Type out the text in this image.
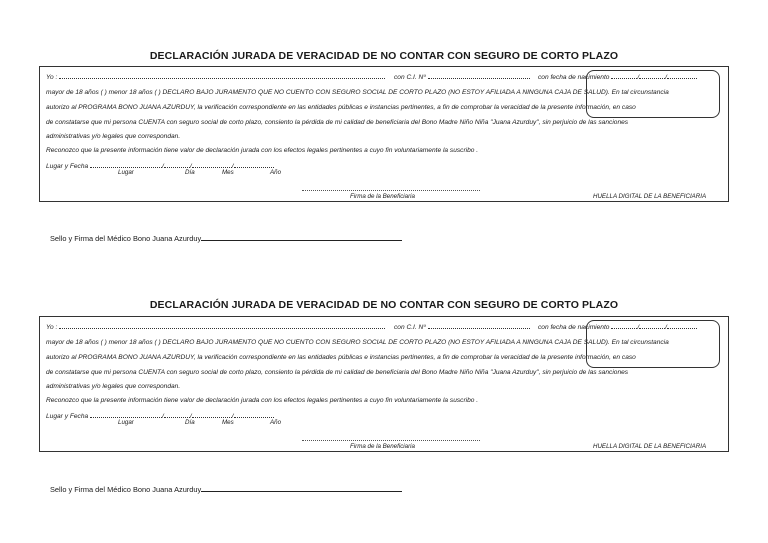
DECLARACIÓN JURADA DE VERACIDAD DE NO CONTAR CON SEGURO DE CORTO PLAZO
Yo :	con C.I. Nº	con fecha de nacimiento	/	/
mayor de 18 años ( ) menor 18 años ( ) DECLARO BAJO JURAMENTO QUE NO CUENTO CON SEGURO SOCIAL DE CORTO PLAZO (NO ESTOY AFILIADA A NINGUNA CAJA DE SALUD). En tal circunstancia
autorizo al PROGRAMA BONO JUANA AZURDUY, la verificación correspondiente en las entidades públicas e instancias pertinentes, a fin de comprobar la veracidad de la presente información, en caso
de constatarse que mi persona CUENTA con seguro social de corto plazo, consiento la pérdida de mi calidad de beneficiaria del Bono Madre Niño Niña "Juana Azurduy", sin perjuicio de las sanciones
administrativas y/o legales que correspondan.
Reconozco que la presente información tiene valor de declaración jurada con los efectos legales pertinentes a cuyo fin voluntariamente la suscribo .
Lugar y Fecha	/	/	/
Lugar	Día	Mes	Año
Firma de la Beneficiaria	HUELLA DIGITAL DE LA BENEFICIARIA
Sello y Firma del Médico Bono Juana Azurduy
DECLARACIÓN JURADA DE VERACIDAD DE NO CONTAR CON SEGURO DE CORTO PLAZO
Yo :	con C.I. Nº	con fecha de nacimiento	/	/
mayor de 18 años ( ) menor 18 años ( ) DECLARO BAJO JURAMENTO QUE NO CUENTO CON SEGURO SOCIAL DE CORTO PLAZO (NO ESTOY AFILIADA A NINGUNA CAJA DE SALUD). En tal circunstancia
autorizo al PROGRAMA BONO JUANA AZURDUY, la verificación correspondiente en las entidades públicas e instancias pertinentes, a fin de comprobar la veracidad de la presente información, en caso
de constatarse que mi persona CUENTA con seguro social de corto plazo, consiento la pérdida de mi calidad de beneficiaria del Bono Madre Niño Niña "Juana Azurduy", sin perjuicio de las sanciones
administrativas y/o legales que correspondan.
Reconozco que la presente información tiene valor de declaración jurada con los efectos legales pertinentes a cuyo fin voluntariamente la suscribo .
Lugar y Fecha	/	/	/
Lugar	Día	Mes	Año
Firma de la Beneficiaria	HUELLA DIGITAL DE LA BENEFICIARIA
Sello y Firma del Médico Bono Juana Azurduy
